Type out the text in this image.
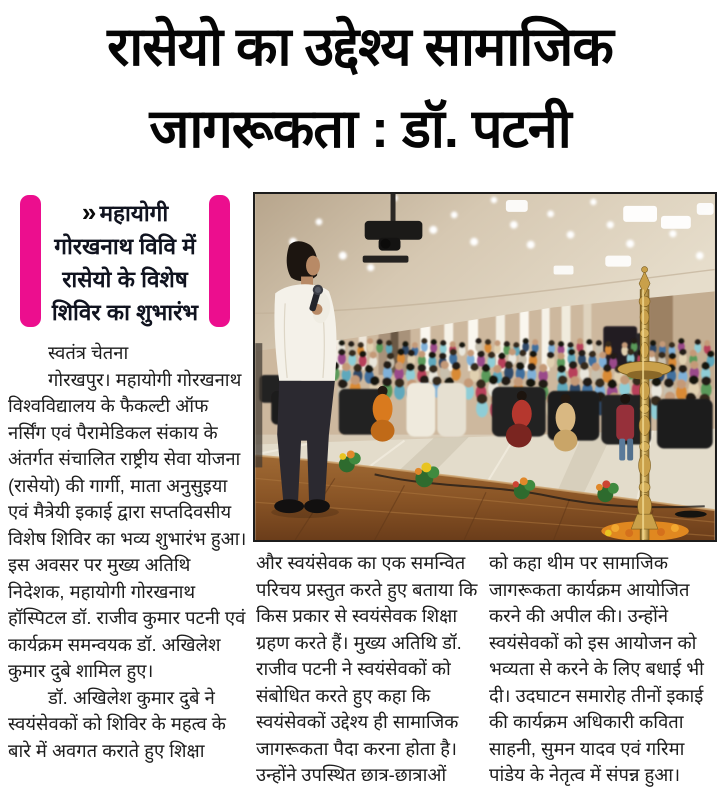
रासेयो का उद्देश्य सामाजिक
जागरूकता : डॉ. पटनी
» महायोगी गोरखनाथ विवि में रासेयो के विशेष शिविर का शुभारंभ
स्वतंत्र चेतना

गोरखपुर। महायोगी गोरखनाथ विश्वविद्यालय के फैकल्टी ऑफ नर्सिंग एवं पैरामेडिकल संकाय के अंतर्गत संचालित राष्ट्रीय सेवा योजना (रासेयो) की गार्गी, माता अनुसुइया एवं मैत्रेयी इकाई द्वारा सप्तदिवसीय विशेष शिविर का भव्य शुभारंभ हुआ। इस अवसर पर मुख्य अतिथि निदेशक, महायोगी गोरखनाथ हॉस्पिटल डॉ. राजीव कुमार पटनी एवं कार्यक्रम समन्वयक डॉ. अखिलेश कुमार दुबे शामिल हुए।

डॉ. अखिलेश कुमार दुबे ने स्वयंसेवकों को शिविर के महत्व के बारे में अवगत कराते हुए शिक्षा

और स्वयंसेवक का एक समन्वित परिचय प्रस्तुत करते हुए बताया कि किस प्रकार से स्वयंसेवक शिक्षा ग्रहण करते हैं। मुख्य अतिथि डॉ. राजीव पटनी ने स्वयंसेवकों को संबोधित करते हुए कहा कि स्वयंसेवकों उद्देश्य ही सामाजिक जागरूकता पैदा करना होता है। उन्होंने उपस्थित छात्र-छात्राओं

को कहा थीम पर सामाजिक जागरूकता कार्यक्रम आयोजित करने की अपील की। उन्होंने स्वयंसेवकों को इस आयोजन को भव्यता से करने के लिए बधाई भी दी। उदघाटन समारोह तीनों इकाई की कार्यक्रम अधिकारी कविता साहनी, सुमन यादव एवं गरिमा पांडेय के नेतृत्व में संपन्न हुआ।
